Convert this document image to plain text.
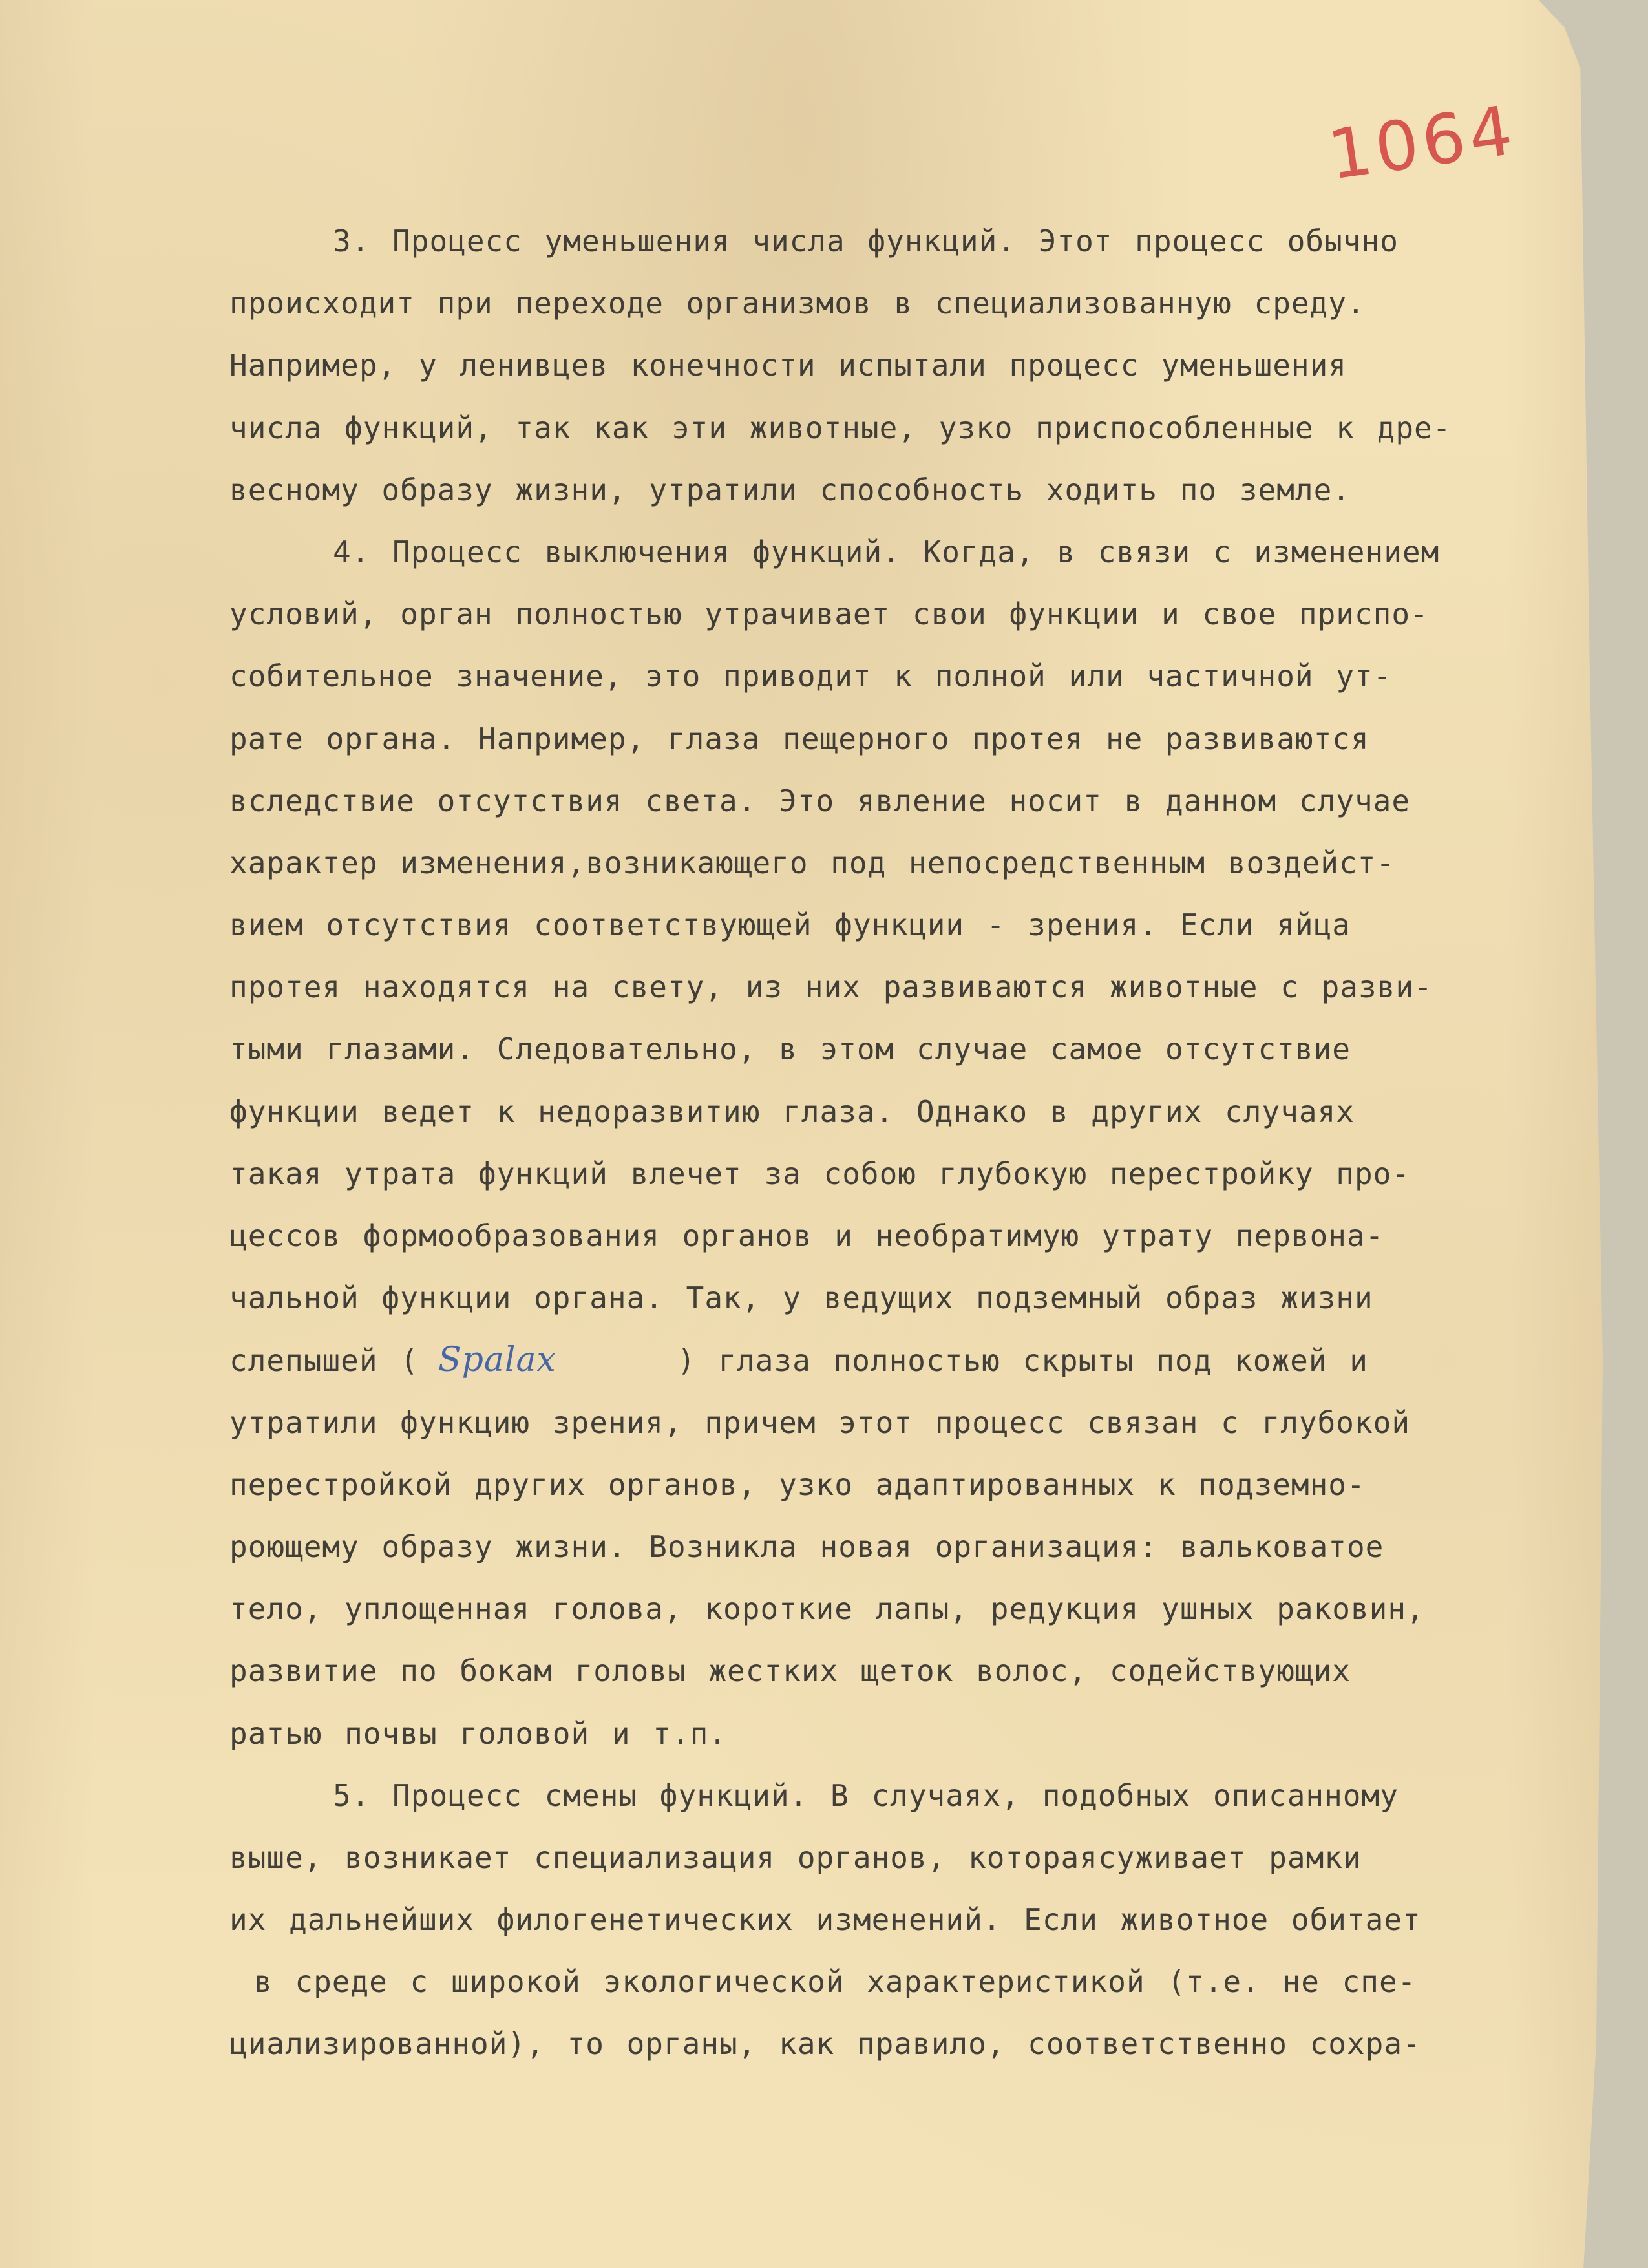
1064
3. Процесс уменьшения числа функций. Этот процесс обычно
происходит при переходе организмов в специализованную среду.
Например, у ленивцев конечности испытали процесс уменьшения
числа функций, так как эти животные, узко приспособленные к дре-
весному образу жизни, утратили способность ходить по земле.
4. Процесс выключения функций. Когда, в связи с изменением
условий, орган полностью утрачивает свои функции и свое приспо-
собительное значение, это приводит к полной или частичной ут-
рате органа. Например, глаза пещерного протея не развиваются
вследствие отсутствия света. Это явление носит в данном случае
характер изменения,возникающего под непосредственным воздейст-
вием отсутствия соответствующей функции - зрения. Если яйца
протея находятся на свету, из них развиваются животные с разви-
тыми глазами. Следовательно, в этом случае самое отсутствие
функции ведет к недоразвитию глаза. Однако в других случаях
такая утрата функций влечет за собою глубокую перестройку про-
цессов формообразования органов и необратимую утрату первона-
чальной функции органа. Так, у ведущих подземный образ жизни
слепышей ( Spalax	) глаза полностью скрыты под кожей и
утратили функцию зрения, причем этот процесс связан с глубокой
перестройкой других органов, узко адаптированных к подземно-
роющему образу жизни. Возникла новая организация: вальковатое
тело, уплощенная голова, короткие лапы, редукция ушных раковин,
развитие по бокам головы жестких щеток волос, содействующих
ратью почвы головой и т.п.
5. Процесс смены функций. В случаях, подобных описанному
выше, возникает специализация органов, котораясуживает рамки
их дальнейших филогенетических изменений. Если животное обитает
в среде с широкой экологической характеристикой (т.е. не спе-
циализированной), то органы, как правило, соответственно сохра-
